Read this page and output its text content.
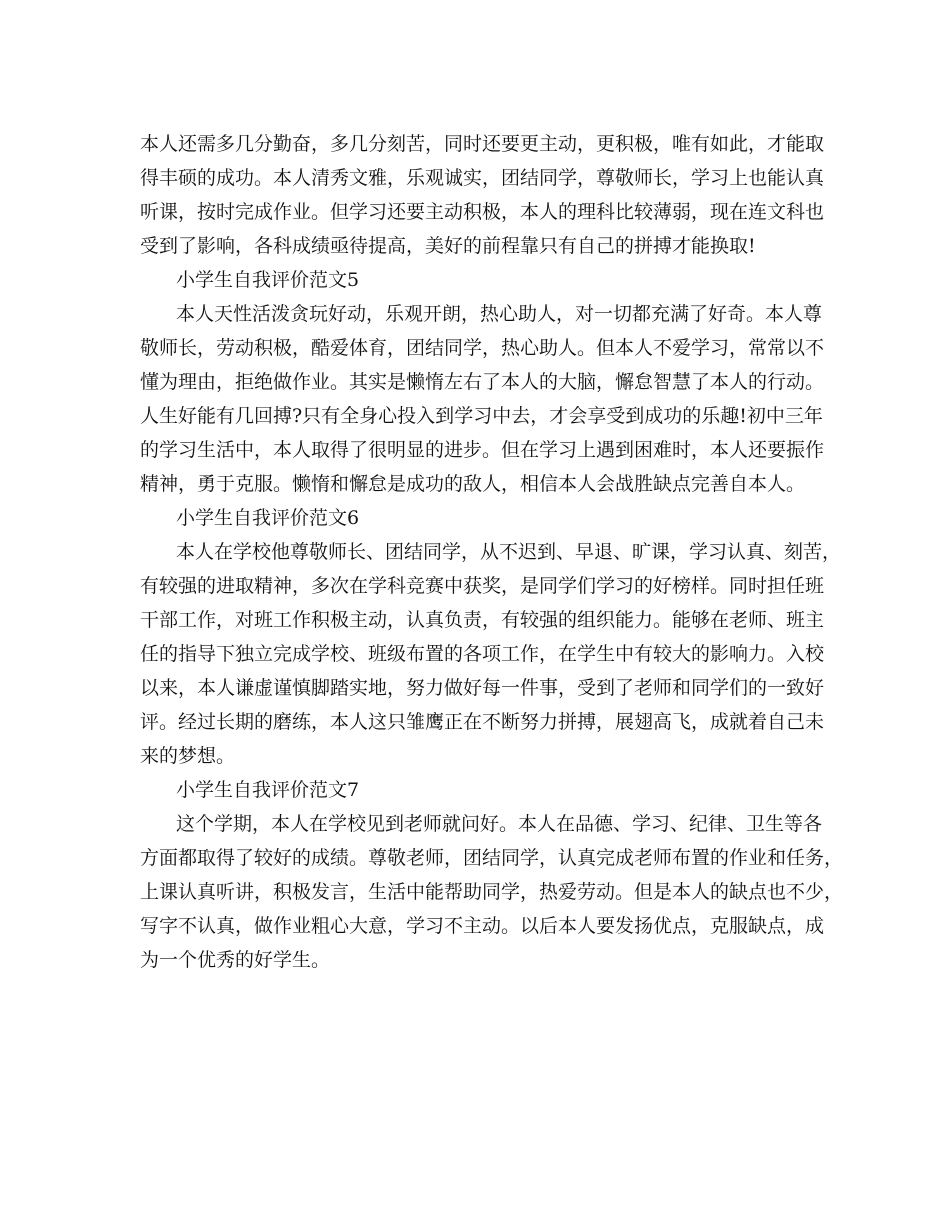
本人还需多几分勤奋，多几分刻苦，同时还要更主动，更积极，唯有如此，才能取
得丰硕的成功。本人清秀文雅，乐观诚实，团结同学，尊敬师长，学习上也能认真
听课，按时完成作业。但学习还要主动积极，本人的理科比较薄弱，现在连文科也
受到了影响，各科成绩亟待提高，美好的前程靠只有自己的拼搏才能换取!
小学生自我评价范文5
本人天性活泼贪玩好动，乐观开朗，热心助人，对一切都充满了好奇。本人尊
敬师长，劳动积极，酷爱体育，团结同学，热心助人。但本人不爱学习，常常以不
懂为理由，拒绝做作业。其实是懒惰左右了本人的大脑，懈怠智慧了本人的行动。
人生好能有几回搏?只有全身心投入到学习中去，才会享受到成功的乐趣!初中三年
的学习生活中，本人取得了很明显的进步。但在学习上遇到困难时，本人还要振作
精神，勇于克服。懒惰和懈怠是成功的敌人，相信本人会战胜缺点完善自本人。
小学生自我评价范文6
本人在学校他尊敬师长、团结同学，从不迟到、早退、旷课，学习认真、刻苦，
有较强的进取精神，多次在学科竞赛中获奖，是同学们学习的好榜样。同时担任班
干部工作，对班工作积极主动，认真负责，有较强的组织能力。能够在老师、班主
任的指导下独立完成学校、班级布置的各项工作，在学生中有较大的影响力。入校
以来，本人谦虚谨慎脚踏实地，努力做好每一件事，受到了老师和同学们的一致好
评。经过长期的磨练，本人这只雏鹰正在不断努力拼搏，展翅高飞，成就着自己未
来的梦想。
小学生自我评价范文7
这个学期，本人在学校见到老师就问好。本人在品德、学习、纪律、卫生等各
方面都取得了较好的成绩。尊敬老师，团结同学，认真完成老师布置的作业和任务，
上课认真听讲，积极发言，生活中能帮助同学，热爱劳动。但是本人的缺点也不少，
写字不认真，做作业粗心大意，学习不主动。以后本人要发扬优点，克服缺点，成
为一个优秀的好学生。
